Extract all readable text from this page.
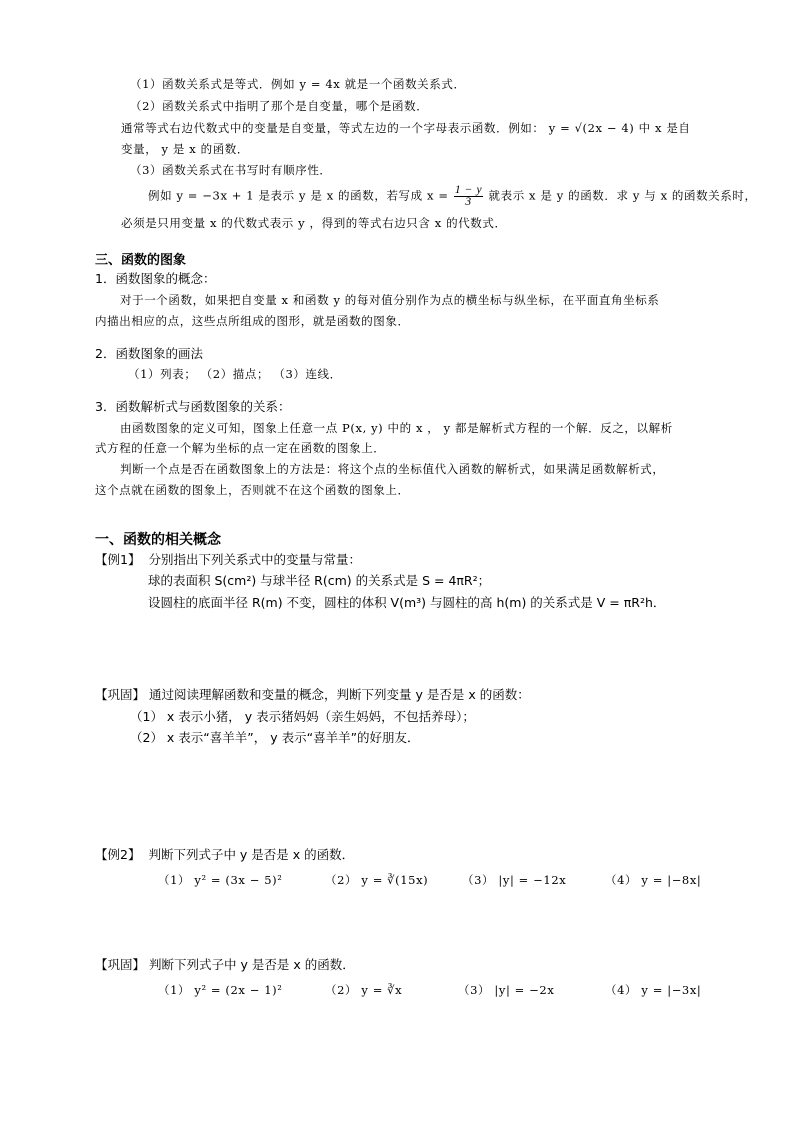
（1）函数关系式是等式．例如 y = 4x 就是一个函数关系式．
（2）函数关系式中指明了那个是自变量，哪个是函数．
通常等式右边代数式中的变量是自变量，等式左边的一个字母表示函数．例如： y = √(2x − 4) 中 x 是自
变量， y 是 x 的函数．
（3）函数关系式在书写时有顺序性．
例如 y = −3x + 1 是表示 y 是 x 的函数，若写成 $x = \frac{1 - y}{3}$ 就表示 x 是 y 的函数．求 y 与 x 的函数关系时，
必须是只用变量 x 的代数式表示 y ，得到的等式右边只含 x 的代数式．
三、函数的图象
1．函数图象的概念：
对于一个函数，如果把自变量 x 和函数 y 的每对值分别作为点的横坐标与纵坐标，在平面直角坐标系
内描出相应的点，这些点所组成的图形，就是函数的图象．
2．函数图象的画法
（1）列表； （2）描点； （3）连线．
3．函数解析式与函数图象的关系：
由函数图象的定义可知，图象上任意一点 P(x, y) 中的 x ， y 都是解析式方程的一个解．反之，以解析
式方程的任意一个解为坐标的点一定在函数的图象上．
判断一个点是否在函数图象上的方法是：将这个点的坐标值代入函数的解析式，如果满足函数解析式，
这个点就在函数的图象上，否则就不在这个函数的图象上．
一、函数的相关概念
【例1】 分别指出下列关系式中的变量与常量：
球的表面积 S(cm²) 与球半径 R(cm) 的关系式是 S = 4πR²；
设圆柱的底面半径 R(m) 不变，圆柱的体积 V(m³) 与圆柱的高 h(m) 的关系式是 V = πR²h．
【巩固】 通过阅读理解函数和变量的概念，判断下列变量 y 是否是 x 的函数：
（1） x 表示小猪， y 表示猪妈妈（亲生妈妈，不包括养母）；
（2） x 表示“喜羊羊”， y 表示“喜羊羊”的好朋友．
【例2】 判断下列式子中 y 是否是 x 的函数．
（1） y² = (3x − 5)²	（2） y = ∛(15x)	（3） |y| = −12x	（4） y = |−8x|
【巩固】 判断下列式子中 y 是否是 x 的函数．
（1） y² = (2x − 1)²	（2） y = ∛x	（3） |y| = −2x	（4） y = |−3x|
